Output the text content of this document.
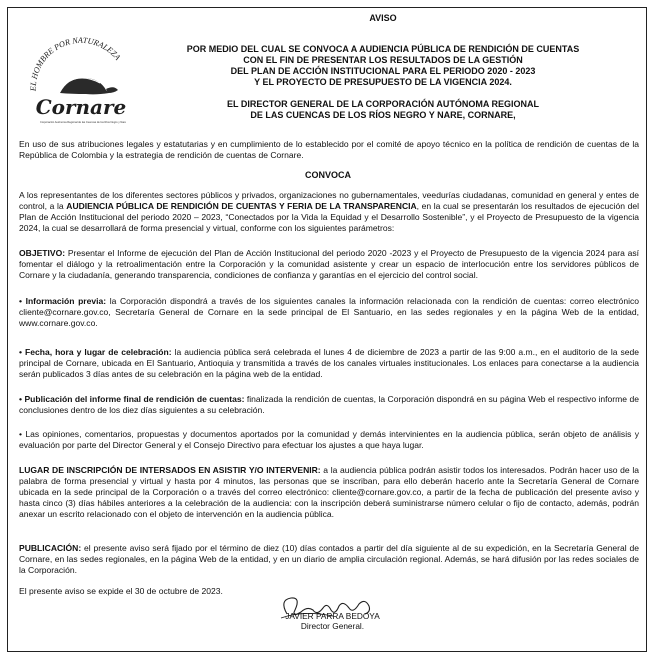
EL HOMBRE POR NATURALEZA
Cornare
Corporación Autónoma Regional de las Cuencas de los Ríos Negro y Nare

AVISO

POR MEDIO DEL CUAL SE CONVOCA A AUDIENCIA PÚBLICA DE RENDICIÓN DE CUENTAS

CON EL FIN DE PRESENTAR LOS RESULTADOS DE LA GESTIÓN

DEL PLAN DE ACCIÓN INSTITUCIONAL PARA EL PERIODO 2020 - 2023

Y EL PROYECTO DE PRESUPUESTO DE LA VIGENCIA 2024.

EL DIRECTOR GENERAL DE LA CORPORACIÓN AUTÓNOMA REGIONAL

DE LAS CUENCAS DE LOS RÍOS NEGRO Y NARE, CORNARE,

En uso de sus atribuciones legales y estatutarias y en cumplimiento de lo establecido por el comité de apoyo técnico en la política de rendición de cuentas de la República de Colombia y la estrategia de rendición de cuentas de Cornare.

CONVOCA

A los representantes de los diferentes sectores públicos y privados, organizaciones no gubernamentales, veedurías ciudadanas, comunidad en general y entes de control, a la AUDIENCIA PÚBLICA DE RENDICIÓN DE CUENTAS Y FERIA DE LA TRANSPARENCIA, en la cual se presentarán los resultados de ejecución del Plan de Acción Institucional del periodo 2020 – 2023, “Conectados por la Vida la Equidad y el Desarrollo Sostenible”, y el Proyecto de Presupuesto de la vigencia 2024, la cual se desarrollará de forma presencial y virtual, conforme con los siguientes parámetros:

OBJETIVO: Presentar el Informe de ejecución del Plan de Acción Institucional del periodo 2020 -2023 y el Proyecto de Presupuesto de la vigencia 2024 para así fomentar el diálogo y la retroalimentación entre la Corporación y la comunidad asistente y crear un espacio de interlocución entre los servidores públicos de Cornare y la ciudadanía, generando transparencia, condiciones de confianza y garantías en el ejercicio del control social.

• Información previa: la Corporación dispondrá a través de los siguientes canales la información relacionada con la rendición de cuentas: correo electrónico cliente@cornare.gov.co, Secretaría General de Cornare en la sede principal de El Santuario, en las sedes regionales y en la página Web de la entidad, www.cornare.gov.co.

• Fecha, hora y lugar de celebración: la audiencia pública será celebrada el lunes 4 de diciembre de 2023 a partir de las 9:00 a.m., en el auditorio de la sede principal de Cornare, ubicada en El Santuario, Antioquia y transmitida a través de los canales virtuales institucionales. Los enlaces para conectarse a la audiencia serán publicados 3 días antes de su celebración en la página web de la entidad.

• Publicación del informe final de rendición de cuentas: finalizada la rendición de cuentas, la Corporación dispondrá en su página Web el respectivo informe de conclusiones dentro de los diez días siguientes a su celebración.

• Las opiniones, comentarios, propuestas y documentos aportados por la comunidad y demás intervinientes en la audiencia pública, serán objeto de análisis y evaluación por parte del Director General y el Consejo Directivo para efectuar los ajustes a que haya lugar.

LUGAR DE INSCRIPCIÓN DE INTERSADOS EN ASISTIR Y/O INTERVENIR: a la audiencia pública podrán asistir todos los interesados. Podrán hacer uso de la palabra de forma presencial y virtual y hasta por 4 minutos, las personas que se inscriban, para ello deberán hacerlo ante la Secretaría General de Cornare ubicada en la sede principal de la Corporación o a través del correo electrónico: cliente@cornare.gov.co, a partir de la fecha de publicación del presente aviso y hasta cinco (3) días hábiles anteriores a la celebración de la audiencia: con la inscripción deberá suministrarse número celular o fijo de contacto, además, podrán anexar un escrito relacionado con el objeto de intervención en la audiencia pública.

PUBLICACIÓN: el presente aviso será fijado por el término de diez (10) días contados a partir del día siguiente al de su expedición, en la Secretaría General de Cornare, en las sedes regionales, en la página Web de la entidad, y en un diario de amplia circulación regional. Además, se hará difusión por las redes sociales de la Corporación.

El presente aviso se expide el 30 de octubre de 2023.

JAVIER PARRA BEDOYA
Director General.
